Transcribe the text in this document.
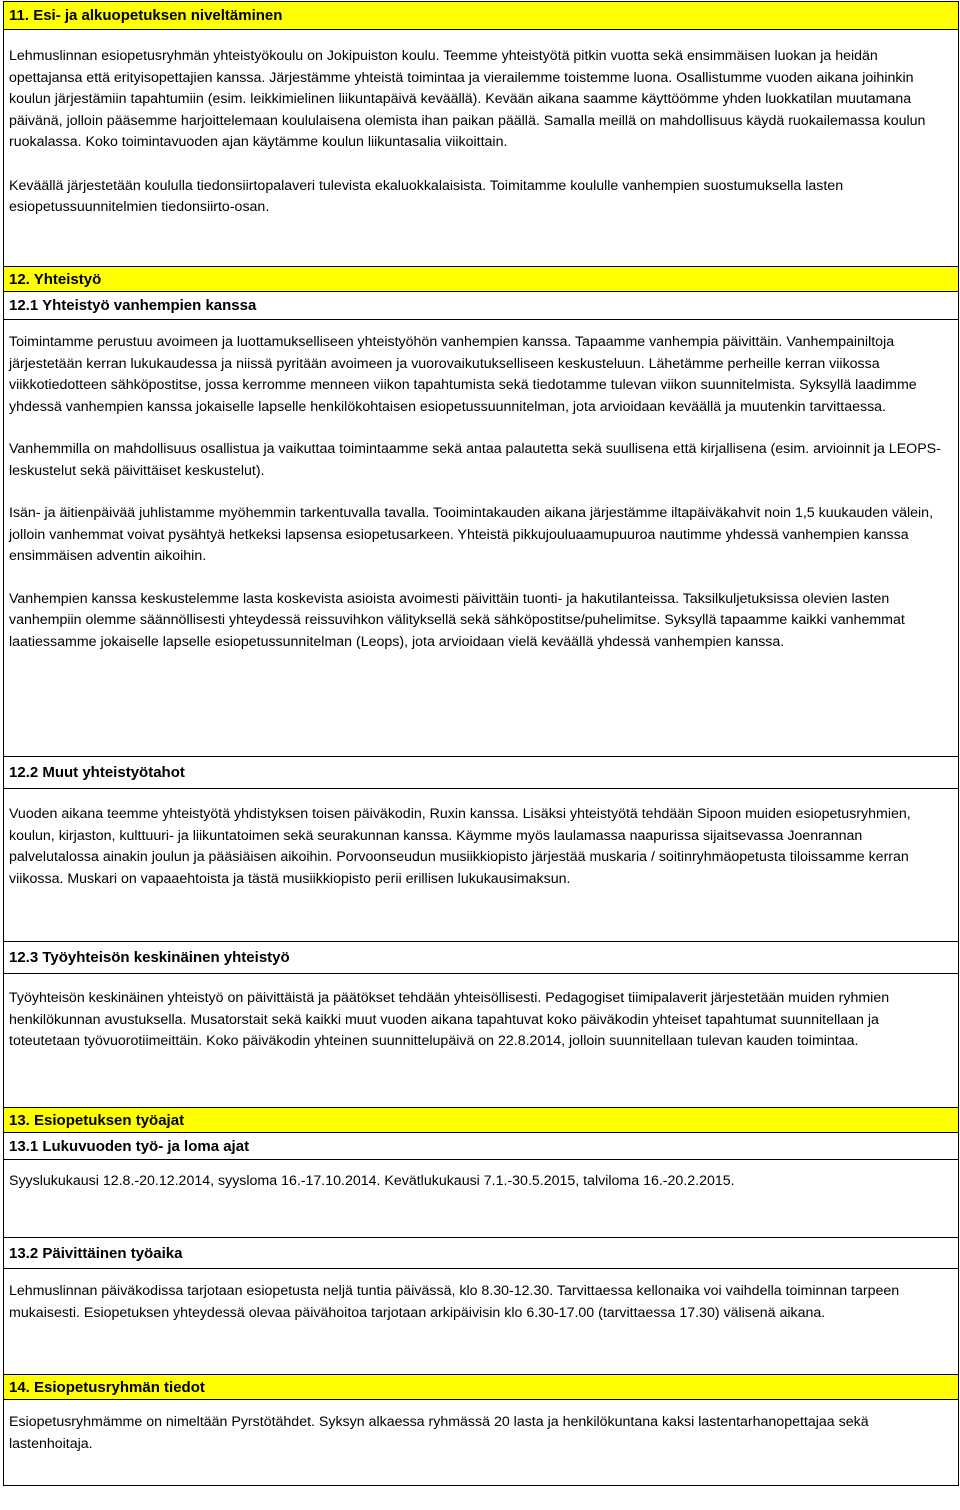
11. Esi- ja alkuopetuksen niveltäminen

Lehmuslinnan esiopetusryhmän yhteistyökoulu on Jokipuiston koulu. Teemme yhteistyötä pitkin vuotta sekä ensimmäisen luokan ja heidän opettajansa että erityisopettajien kanssa. Järjestämme yhteistä toimintaa ja vierailemme toistemme luona. Osallistumme vuoden aikana joihinkin koulun järjestämiin tapahtumiin (esim. leikkimielinen liikuntapäivä keväällä). Kevään aikana saamme käyttöömme yhden luokkatilan muutamana päivänä, jolloin pääsemme harjoittelemaan koululaisena olemista ihan paikan päällä. Samalla meillä on mahdollisuus käydä ruokailemassa koulun ruokalassa. Koko toimintavuoden ajan käytämme koulun liikuntasalia viikoittain.

Keväällä järjestetään koululla tiedonsiirtopalaveri tulevista ekaluokkalaisista. Toimitamme koululle vanhempien suostumuksella lasten esiopetussuunnitelmien tiedonsiirto-osan.

12. Yhteistyö
12.1 Yhteistyö vanhempien kanssa

Toimintamme perustuu avoimeen ja luottamukselliseen yhteistyöhön vanhempien kanssa. Tapaamme vanhempia päivittäin. Vanhempainiltoja järjestetään kerran lukukaudessa ja niissä pyritään avoimeen ja vuorovaikutukselliseen keskusteluun. Lähetämme perheille kerran viikossa viikkotiedotteen sähköpostitse, jossa kerromme menneen viikon tapahtumista sekä tiedotamme tulevan viikon suunnitelmista. Syksyllä laadimme yhdessä vanhempien kanssa jokaiselle lapselle henkilökohtaisen esiopetussuunnitelman, jota arvioidaan keväällä ja muutenkin tarvittaessa.

Vanhemmilla on mahdollisuus osallistua ja vaikuttaa toimintaamme sekä antaa palautetta sekä suullisena että kirjallisena (esim. arvioinnit ja LEOPS-leskustelut sekä päivittäiset keskustelut).

Isän- ja äitienpäivää juhlistamme myöhemmin tarkentuvalla tavalla. Tooimintakauden aikana järjestämme iltapäiväkahvit noin 1,5 kuukauden välein, jolloin vanhemmat voivat pysähtyä hetkeksi lapsensa esiopetusarkeen. Yhteistä pikkujouluaamupuuroa nautimme yhdessä vanhempien kanssa ensimmäisen adventin aikoihin.

Vanhempien kanssa keskustelemme lasta koskevista asioista avoimesti päivittäin tuonti- ja hakutilanteissa. Taksilkuljetuksissa olevien lasten vanhempiin olemme säännöllisesti yhteydessä reissuvihkon välityksellä sekä sähköpostitse/puhelimitse. Syksyllä tapaamme kaikki vanhemmat laatiessamme jokaiselle lapselle esiopetussunnitelman (Leops), jota arvioidaan vielä keväällä yhdessä vanhempien kanssa.

12.2 Muut yhteistyötahot

Vuoden aikana teemme yhteistyötä yhdistyksen toisen päiväkodin, Ruxin kanssa. Lisäksi yhteistyötä tehdään Sipoon muiden esiopetusryhmien, koulun, kirjaston, kulttuuri- ja liikuntatoimen sekä seurakunnan kanssa. Käymme myös laulamassa naapurissa sijaitsevassa Joenrannan palvelutalossa ainakin joulun ja pääsiäisen aikoihin. Porvoonseudun musiikkiopisto järjestää muskaria / soitinryhmäopetusta tiloissamme kerran viikossa. Muskari on vapaaehtoista ja tästä musiikkiopisto perii erillisen lukukausimaksun.

12.3 Työyhteisön keskinäinen yhteistyö

Työyhteisön keskinäinen yhteistyö on päivittäistä ja päätökset tehdään yhteisöllisesti. Pedagogiset tiimipalaverit järjestetään muiden ryhmien henkilökunnan avustuksella. Musatorstait sekä kaikki muut vuoden aikana tapahtuvat koko päiväkodin yhteiset tapahtumat suunnitellaan ja toteutetaan työvuorotiimeittäin. Koko päiväkodin yhteinen suunnittelupäivä on 22.8.2014, jolloin suunnitellaan tulevan kauden toimintaa.

13. Esiopetuksen työajat
13.1 Lukuvuoden työ- ja loma ajat

Syyslukukausi 12.8.-20.12.2014, syysloma 16.-17.10.2014. Kevätlukukausi 7.1.-30.5.2015, talviloma 16.-20.2.2015.

13.2 Päivittäinen työaika

Lehmuslinnan päiväkodissa tarjotaan esiopetusta neljä tuntia päivässä, klo 8.30-12.30. Tarvittaessa kellonaika voi vaihdella toiminnan tarpeen mukaisesti. Esiopetuksen yhteydessä olevaa päivähoitoa tarjotaan arkipäivisin klo 6.30-17.00 (tarvittaessa 17.30) välisenä aikana.

14. Esiopetusryhmän tiedot

Esiopetusryhmämme on nimeltään Pyrstötähdet. Syksyn alkaessa ryhmässä 20 lasta ja henkilökuntana kaksi lastentarhanopettajaa sekä lastenhoitaja.
